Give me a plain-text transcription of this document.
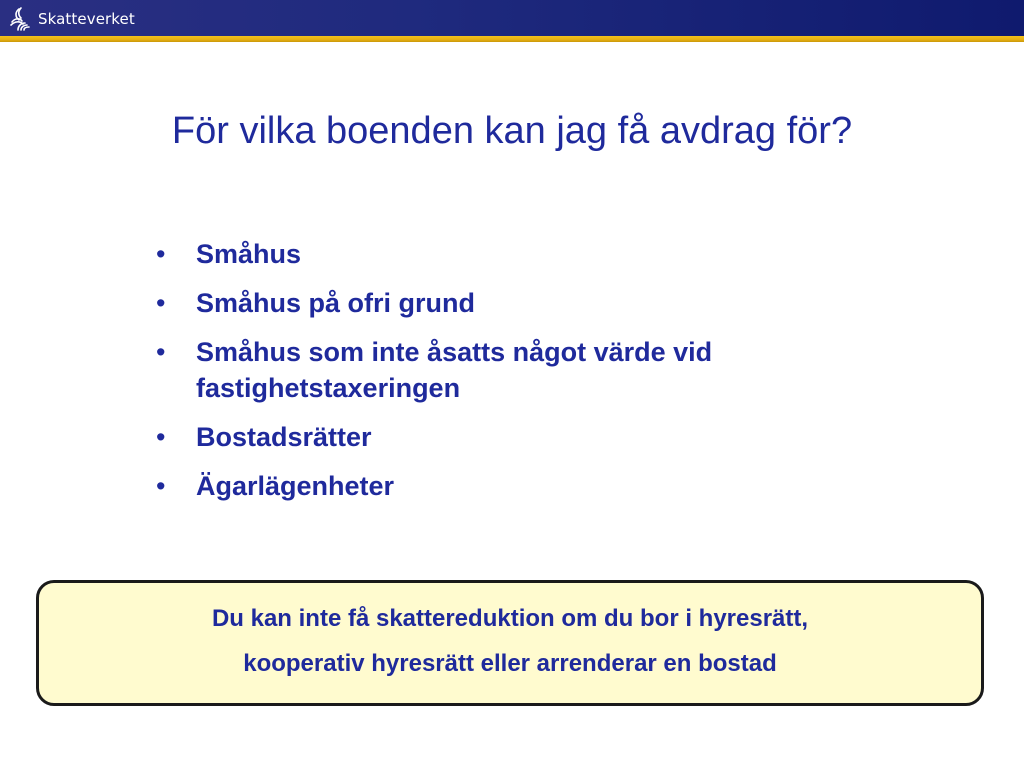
Skatteverket
För vilka boenden kan jag få avdrag för?
•	Småhus
•	Småhus på ofri grund
•	Småhus som inte åsatts något värde vid fastighetstaxeringen
•	Bostadsrätter
•	Ägarlägenheter
Du kan inte få skattereduktion om du bor i hyresrätt,
kooperativ hyresrätt eller arrenderar en bostad
